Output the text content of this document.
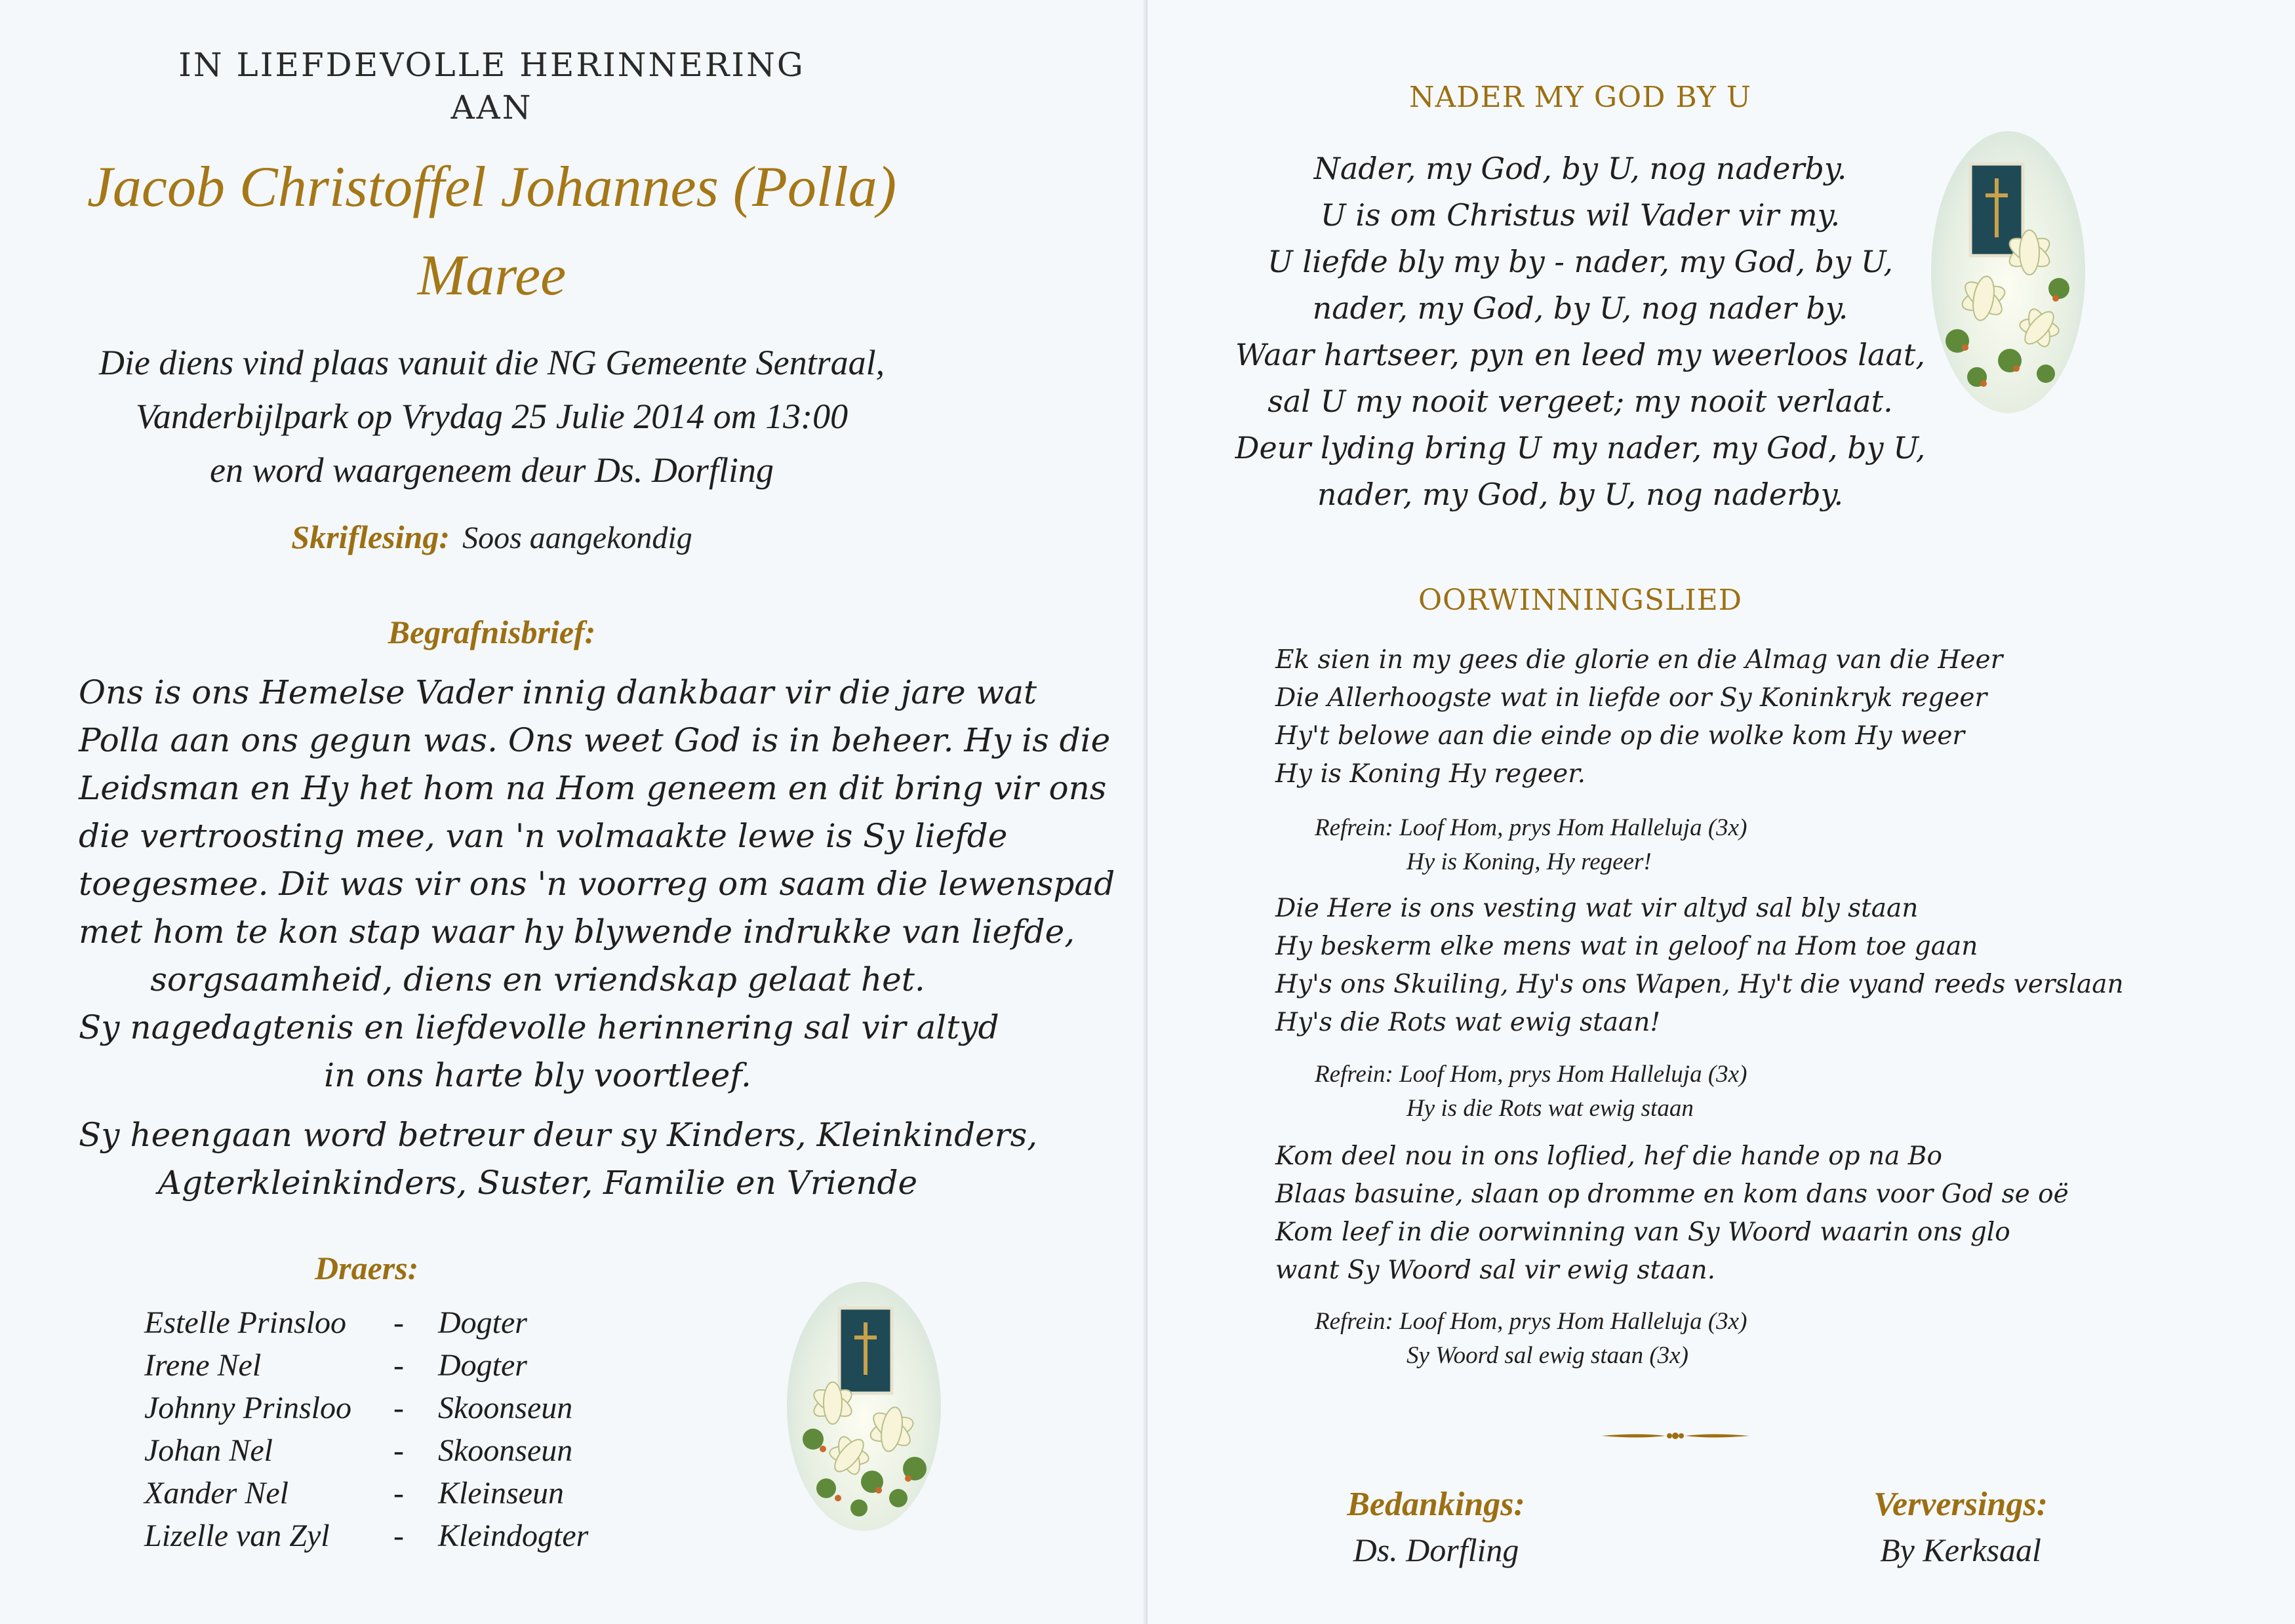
IN LIEFDEVOLLE HERINNERING
AAN
Jacob Christoffel Johannes (Polla)
Maree
Die diens vind plaas vanuit die NG Gemeente Sentraal,
Vanderbijlpark op Vrydag 25 Julie 2014 om 13:00
en word waargeneem deur Ds. Dorfling
Skriflesing: Soos aangekondig
Begrafnisbrief:

Ons is ons Hemelse Vader innig dankbaar vir die jare wat

Polla aan ons gegun was. Ons weet God is in beheer. Hy is die

Leidsman en Hy het hom na Hom geneem en dit bring vir ons

die vertroosting mee, van 'n volmaakte lewe is Sy liefde

toegesmee. Dit was vir ons 'n voorreg om saam die lewenspad

met hom te kon stap waar hy blywende indrukke van liefde,

sorgsaamheid, diens en vriendskap gelaat het.

Sy nagedagtenis en liefdevolle herinnering sal vir altyd

in ons harte bly voortleef.

Sy heengaan word betreur deur sy Kinders, Kleinkinders,

Agterkleinkinders, Suster, Familie en Vriende

Draers:
Estelle Prinsloo - Dogter
Irene Nel	- Dogter
Johnny Prinsloo - Skoonseun
Johan Nel	- Skoonseun
Xander Nel	- Kleinseun
Lizelle van Zyl - Kleindogter
NADER MY GOD BY U

Nader, my God, by U, nog naderby.

U is om Christus wil Vader vir my.

U liefde bly my by - nader, my God, by U,

nader, my God, by U, nog nader by.

Waar hartseer, pyn en leed my weerloos laat,

sal U my nooit vergeet; my nooit verlaat.

Deur lyding bring U my nader, my God, by U,

nader, my God, by U, nog naderby.

OORWINNINGSLIED

Ek sien in my gees die glorie en die Almag van die Heer

Die Allerhoogste wat in liefde oor Sy Koninkryk regeer

Hy't belowe aan die einde op die wolke kom Hy weer

Hy is Koning Hy regeer.

Refrein: Loof Hom, prys Hom Halleluja (3x)

Hy is Koning, Hy regeer!

Die Here is ons vesting wat vir altyd sal bly staan

Hy beskerm elke mens wat in geloof na Hom toe gaan

Hy's ons Skuiling, Hy's ons Wapen, Hy't die vyand reeds verslaan

Hy's die Rots wat ewig staan!

Refrein: Loof Hom, prys Hom Halleluja (3x)

Hy is die Rots wat ewig staan

Kom deel nou in ons loflied, hef die hande op na Bo

Blaas basuine, slaan op dromme en kom dans voor God se oë

Kom leef in die oorwinning van Sy Woord waarin ons glo

want Sy Woord sal vir ewig staan.

Refrein: Loof Hom, prys Hom Halleluja (3x)

Sy Woord sal ewig staan (3x)

Bedankings:
Ds. Dorfling
Verversings:
By Kerksaal
